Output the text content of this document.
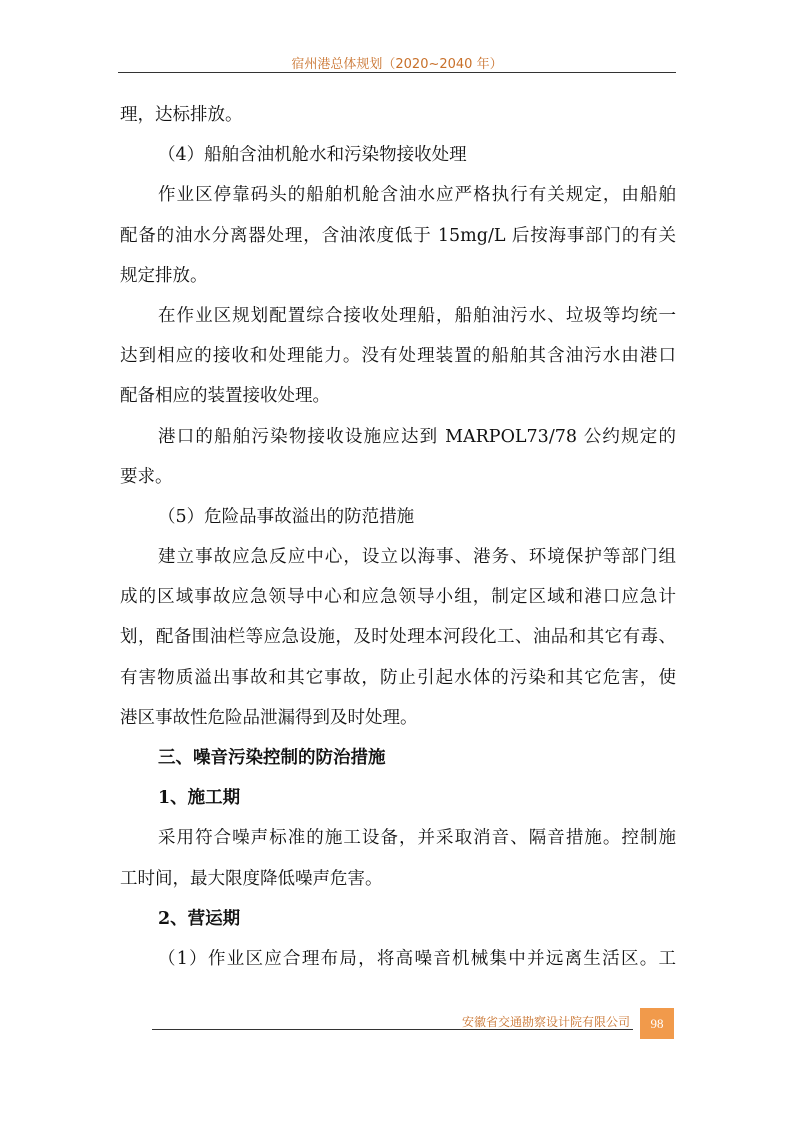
宿州港总体规划（2020~2040 年）
理，达标排放。
（4）船舶含油机舱水和污染物接收处理
作业区停靠码头的船舶机舱含油水应严格执行有关规定，由船舶
配备的油水分离器处理，含油浓度低于 15mg/L 后按海事部门的有关
规定排放。
在作业区规划配置综合接收处理船，船舶油污水、垃圾等均统一
达到相应的接收和处理能力。没有处理装置的船舶其含油污水由港口
配备相应的装置接收处理。
港口的船舶污染物接收设施应达到 MARPOL73/78 公约规定的
要求。
（5）危险品事故溢出的防范措施
建立事故应急反应中心，设立以海事、港务、环境保护等部门组
成的区域事故应急领导中心和应急领导小组，制定区域和港口应急计
划，配备围油栏等应急设施，及时处理本河段化工、油品和其它有毒、
有害物质溢出事故和其它事故，防止引起水体的污染和其它危害，使
港区事故性危险品泄漏得到及时处理。
三、噪音污染控制的防治措施
1、施工期
采用符合噪声标准的施工设备，并采取消音、隔音措施。控制施
工时间，最大限度降低噪声危害。
2、营运期
（1）作业区应合理布局，将高噪音机械集中并远离生活区。工
安徽省交通勘察设计院有限公司	98
